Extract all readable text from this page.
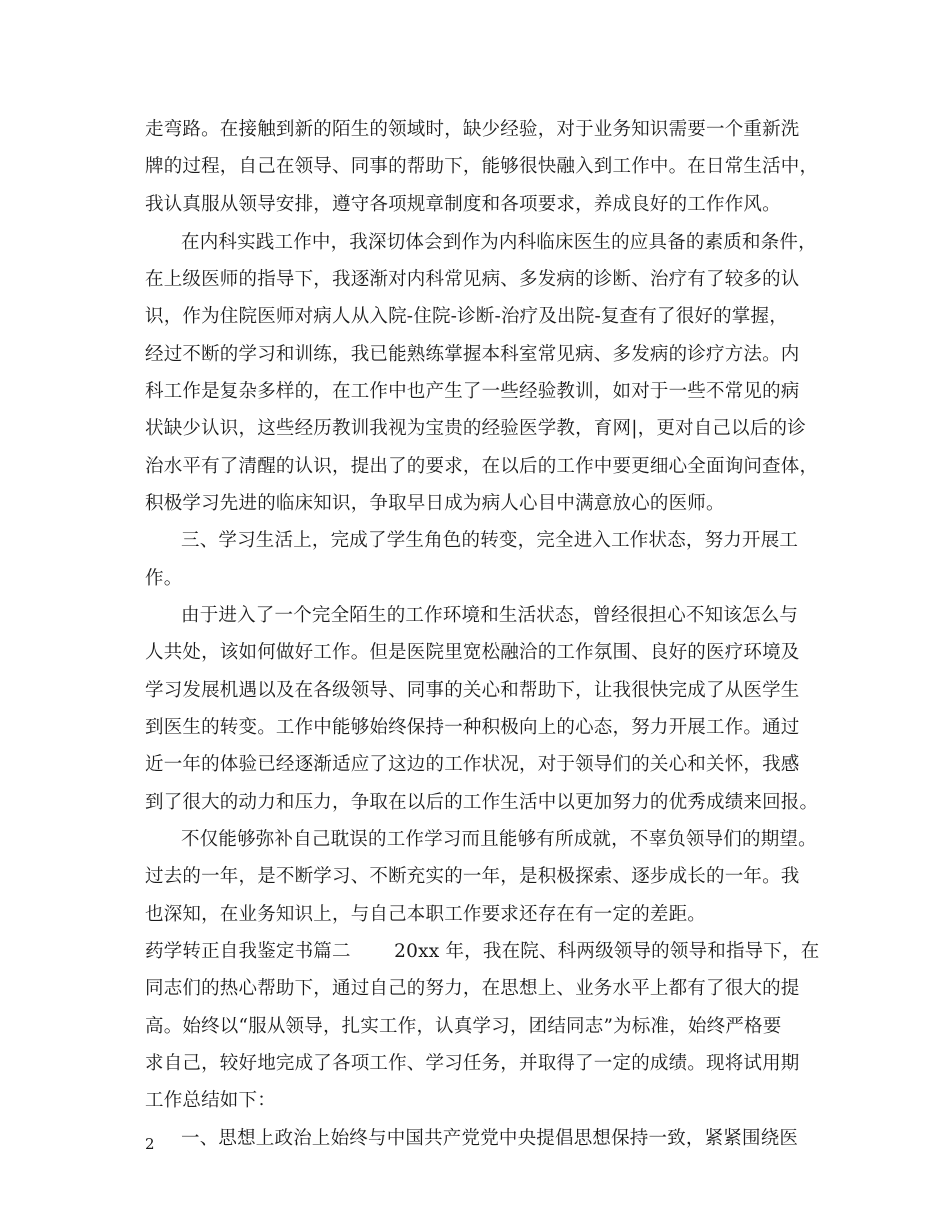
走弯路。在接触到新的陌生的领域时，缺少经验，对于业务知识需要一个重新洗
牌的过程，自己在领导、同事的帮助下，能够很快融入到工作中。在日常生活中，
我认真服从领导安排，遵守各项规章制度和各项要求，养成良好的工作作风。
在内科实践工作中，我深切体会到作为内科临床医生的应具备的素质和条件，
在上级医师的指导下，我逐渐对内科常见病、多发病的诊断、治疗有了较多的认
识，作为住院医师对病人从入院-住院-诊断-治疗及出院-复查有了很好的掌握，
经过不断的学习和训练，我已能熟练掌握本科室常见病、多发病的诊疗方法。内
科工作是复杂多样的，在工作中也产生了一些经验教训，如对于一些不常见的病
状缺少认识，这些经历教训我视为宝贵的经验医学教，育网|，更对自己以后的诊
治水平有了清醒的认识，提出了的要求，在以后的工作中要更细心全面询问查体，
积极学习先进的临床知识，争取早日成为病人心目中满意放心的医师。
三、学习生活上，完成了学生角色的转变，完全进入工作状态，努力开展工
作。
由于进入了一个完全陌生的工作环境和生活状态，曾经很担心不知该怎么与
人共处，该如何做好工作。但是医院里宽松融洽的工作氛围、良好的医疗环境及
学习发展机遇以及在各级领导、同事的关心和帮助下，让我很快完成了从医学生
到医生的转变。工作中能够始终保持一种积极向上的心态，努力开展工作。通过
近一年的体验已经逐渐适应了这边的工作状况，对于领导们的关心和关怀，我感
到了很大的动力和压力，争取在以后的工作生活中以更加努力的优秀成绩来回报。
不仅能够弥补自己耽误的工作学习而且能够有所成就，不辜负领导们的期望。
过去的一年，是不断学习、不断充实的一年，是积极探索、逐步成长的一年。我
也深知，在业务知识上，与自己本职工作要求还存在有一定的差距。
药学转正自我鉴定书篇二　　 20xx 年，我在院、科两级领导的领导和指导下，在
同志们的热心帮助下，通过自己的努力，在思想上、业务水平上都有了很大的提
高。始终以“服从领导，扎实工作，认真学习，团结同志”为标准，始终严格要
求自己，较好地完成了各项工作、学习任务，并取得了一定的成绩。现将试用期
工作总结如下：
一、思想上政治上始终与中国共产党党中央提倡思想保持一致，紧紧围绕医
2
